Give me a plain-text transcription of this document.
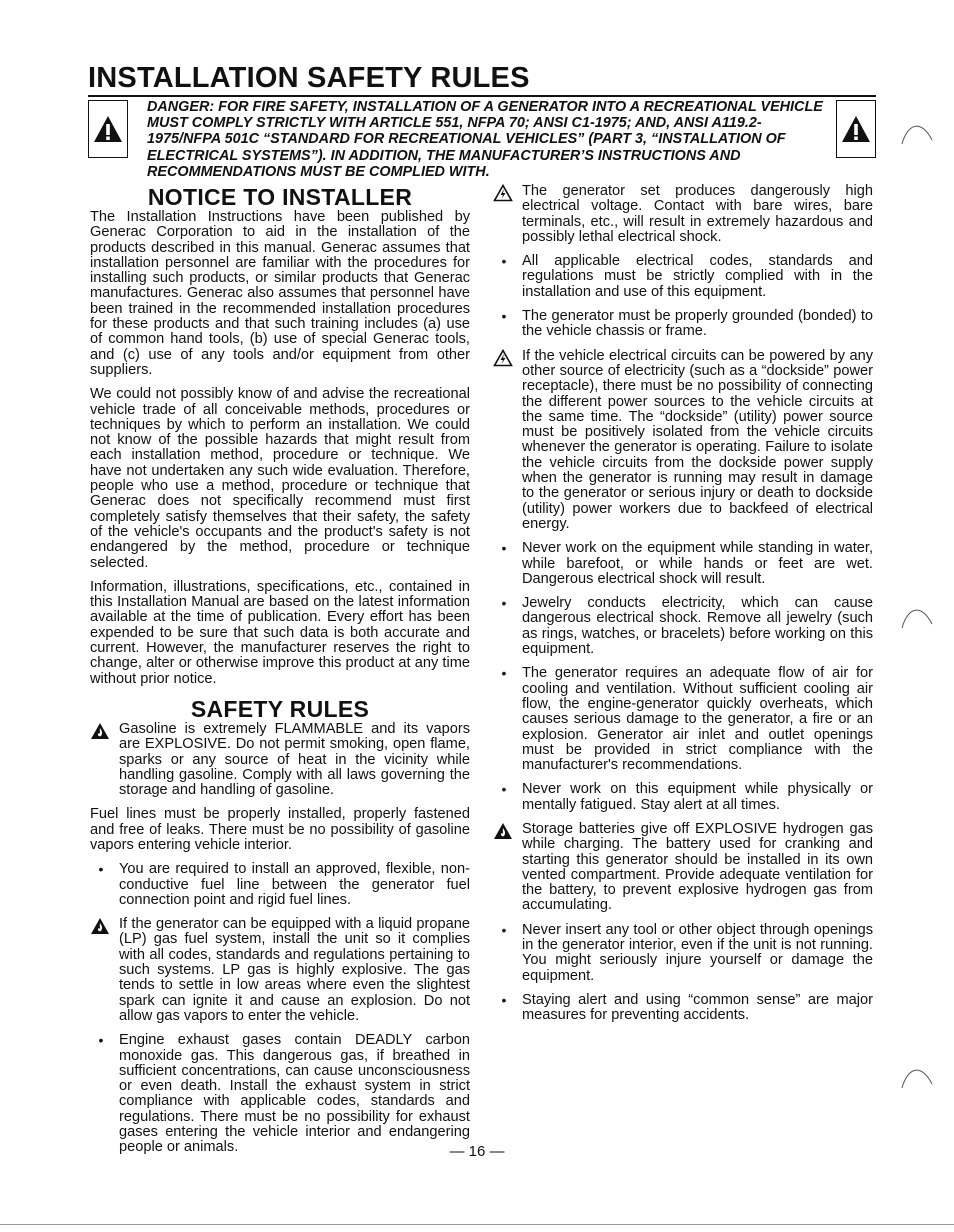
INSTALLATION SAFETY RULES
DANGER: FOR FIRE SAFETY, INSTALLATION OF A GENERATOR INTO A RECREATIONAL VEHICLE MUST COMPLY STRICTLY WITH ARTICLE 551, NFPA 70; ANSI C1-1975; AND, ANSI A119.2-1975/NFPA 501C “STANDARD FOR RECREATIONAL VEHICLES” (PART 3, “INSTALLATION OF ELECTRICAL SYSTEMS”). IN ADDITION, THE MANUFACTURER’S INSTRUCTIONS AND RECOMMENDATIONS MUST BE COMPLIED WITH.
NOTICE TO INSTALLER

The Installation Instructions have been published by Generac Corporation to aid in the installation of the products described in this manual. Generac assumes that installation personnel are familiar with the procedures for installing such products, or similar products that Generac manufactures. Generac also assumes that personnel have been trained in the recommended installation procedures for these products and that such training includes (a) use of common hand tools, (b) use of special Generac tools, and (c) use of any tools and/or equipment from other suppliers.

We could not possibly know of and advise the recreational vehicle trade of all conceivable methods, procedures or techniques by which to perform an installation. We could not know of the possible hazards that might result from each installation method, procedure or technique. We have not undertaken any such wide evaluation. Therefore, people who use a method, procedure or technique that Generac does not specifically recommend must first completely satisfy themselves that their safety, the safety of the vehicle's occupants and the product's safety is not endangered by the method, procedure or technique selected.

Information, illustrations, specifications, etc., contained in this Installation Manual are based on the latest information available at the time of publication. Every effort has been expended to be sure that such data is both accurate and current. However, the manufacturer reserves the right to change, alter or otherwise improve this product at any time without prior notice.

SAFETY RULES
Gasoline is extremely FLAMMABLE and its vapors are EXPLOSIVE. Do not permit smoking, open flame, sparks or any source of heat in the vicinity while handling gasoline. Comply with all laws governing the storage and handling of gasoline.

Fuel lines must be properly installed, properly fastened and free of leaks. There must be no possibility of gasoline vapors entering vehicle interior.

•	You are required to install an approved, flexible, non-conductive fuel line between the generator fuel connection point and rigid fuel lines.
If the generator can be equipped with a liquid propane (LP) gas fuel system, install the unit so it complies with all codes, standards and regulations pertaining to such systems. LP gas is highly explosive. The gas tends to settle in low areas where even the slightest spark can ignite it and cause an explosion. Do not allow gas vapors to enter the vehicle.
•	Engine exhaust gases contain DEADLY carbon monoxide gas. This dangerous gas, if breathed in sufficient concentrations, can cause unconsciousness or even death. Install the exhaust system in strict compliance with applicable codes, standards and regulations. There must be no possibility for exhaust gases entering the vehicle interior and endangering people or animals.
The generator set produces dangerously high electrical voltage. Contact with bare wires, bare terminals, etc., will result in extremely hazardous and possibly lethal electrical shock.
•	All applicable electrical codes, standards and regulations must be strictly complied with in the installation and use of this equipment.
•	The generator must be properly grounded (bonded) to the vehicle chassis or frame.
If the vehicle electrical circuits can be powered by any other source of electricity (such as a “dockside” power receptacle), there must be no possibility of connecting the different power sources to the vehicle circuits at the same time. The “dockside” (utility) power source must be positively isolated from the vehicle circuits whenever the generator is operating. Failure to isolate the vehicle circuits from the dockside power supply when the generator is running may result in damage to the generator or serious injury or death to dockside (utility) power workers due to backfeed of electrical energy.
•	Never work on the equipment while standing in water, while barefoot, or while hands or feet are wet. Dangerous electrical shock will result.
•	Jewelry conducts electricity, which can cause dangerous electrical shock. Remove all jewelry (such as rings, watches, or bracelets) before working on this equipment.
•	The generator requires an adequate flow of air for cooling and ventilation. Without sufficient cooling air flow, the engine-generator quickly overheats, which causes serious damage to the generator, a fire or an explosion. Generator air inlet and outlet openings must be provided in strict compliance with the manufacturer's recommendations.
•	Never work on this equipment while physically or mentally fatigued. Stay alert at all times.
Storage batteries give off EXPLOSIVE hydrogen gas while charging. The battery used for cranking and starting this generator should be installed in its own vented compartment. Provide adequate ventilation for the battery, to prevent explosive hydrogen gas from accumulating.
•	Never insert any tool or other object through openings in the generator interior, even if the unit is not running. You might seriously injure yourself or damage the equipment.
•	Staying alert and using “common sense” are major measures for preventing accidents.
— 16 —
